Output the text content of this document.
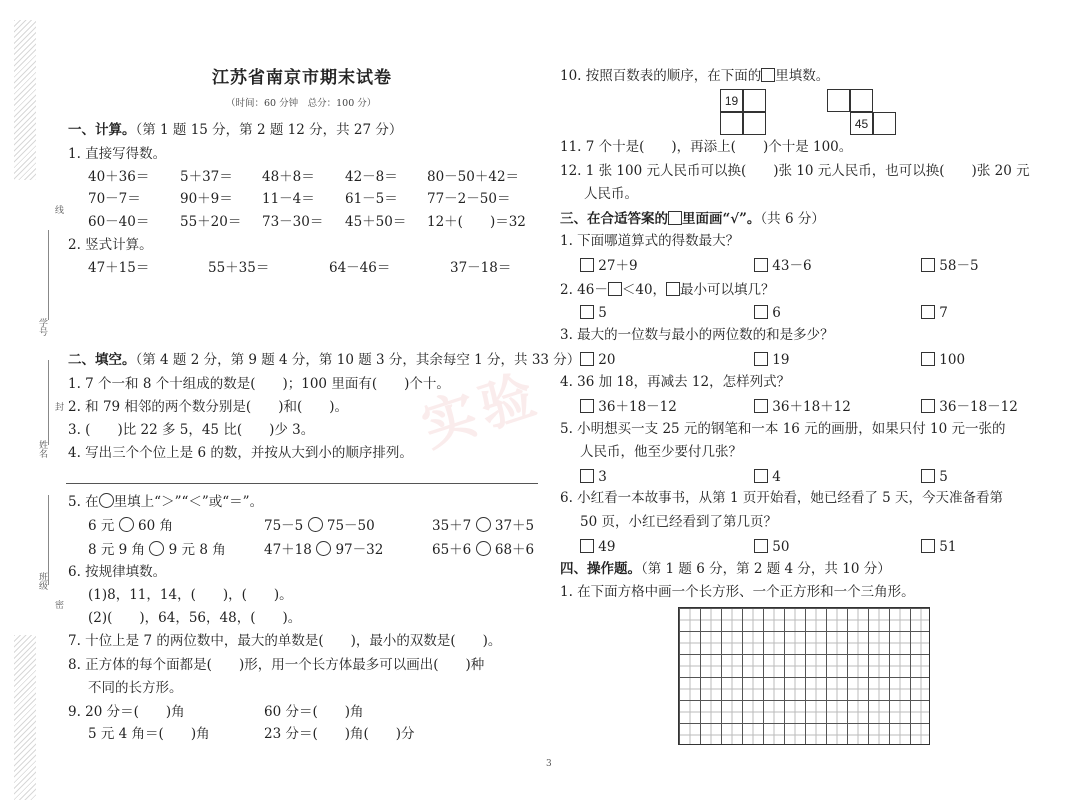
学号
姓名
班级
线
封
密
实验
江苏省南京市期末试卷
（时间：60 分钟　总分：100 分）
一、计算。（第 1 题 15 分，第 2 题 12 分，共 27 分）
1. 直接写得数。
40＋36＝ 5＋37＝ 48＋8＝ 42－8＝ 80－50＋42＝
70－7＝	90＋9＝ 11－4＝ 61－5＝ 77－2－50＝
60－40＝ 55＋20＝ 73－30＝ 45＋50＝ 12＋(　　)＝32
2. 竖式计算。
47＋15＝	55＋35＝	64－46＝	37－18＝
二、填空。（第 4 题 2 分，第 9 题 4 分，第 10 题 3 分，其余每空 1 分，共 33 分）
1. 7 个一和 8 个十组成的数是(　　)；100 里面有(　　)个十。
2. 和 79 相邻的两个数分别是(　　)和(　　)。
3. (　　)比 22 多 5，45 比(　　)少 3。
4. 写出三个个位上是 6 的数，并按从大到小的顺序排列。
5. 在 里填上“＞”“＜”或“＝”。
6 元 60 角	75－5 75－50	35＋7 37＋5
8 元 9 角 9 元 8 角	47＋18 97－32	65＋6 68＋6
6. 按规律填数。
(1)8，11，14，(　　)，(　　)。
(2)(　　)，64，56，48，(　　)。
7. 十位上是 7 的两位数中，最大的单数是(　　)，最小的双数是(　　)。
8. 正方体的每个面都是(　　)形，用一个长方体最多可以画出(　　)种
不同的长方形。
9. 20 分＝(　　)角	60 分＝(　　)角
5 元 4 角＝(　　)角	23 分＝(　　)角(　　)分
10. 按照百数表的顺序，在下面的 里填数。
19
45
11. 7 个十是(　　)，再添上(　　)个十是 100。
12. 1 张 100 元人民币可以换(　　)张 10 元人民币，也可以换(　　)张 20 元
人民币。
三、在合适答案的 里面画“√”。（共 6 分）
1. 下面哪道算式的得数最大？
27＋9	43－6	58－5
2. 46－ ＜40， 最小可以填几？
5	6	7
3. 最大的一位数与最小的两位数的和是多少？
20	19	100
4. 36 加 18，再减去 12，怎样列式？
36＋18－12	36＋18＋12	36－18－12
5. 小明想买一支 25 元的钢笔和一本 16 元的画册，如果只付 10 元一张的
人民币，他至少要付几张？
3	4	5
6. 小红看一本故事书，从第 1 页开始看，她已经看了 5 天，今天准备看第
50 页，小红已经看到了第几页？
49	50	51
四、操作题。（第 1 题 6 分，第 2 题 4 分，共 10 分）
1. 在下面方格中画一个长方形、一个正方形和一个三角形。
3
